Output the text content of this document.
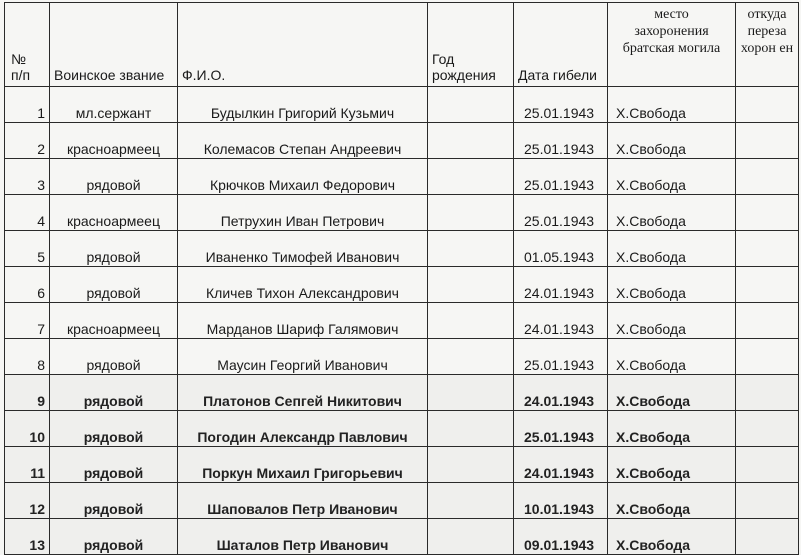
№
п/п	Воинское звание	Ф.И.О.	Год рождения	Дата гибели	место захоронения братская могила	откуда переза хорон ен
1	мл.сержант	Будылкин Григорий Кузьмич		25.01.1943	Х.Свобода	
2	красноармеец	Колемасов Степан Андреевич		25.01.1943	Х.Свобода	
3	рядовой	Крючков Михаил Федорович		25.01.1943	Х.Свобода	
4	красноармеец	Петрухин Иван Петрович		25.01.1943	Х.Свобода	
5	рядовой	Иваненко Тимофей Иванович		01.05.1943	Х.Свобода	
6	рядовой	Кличев Тихон Александрович		24.01.1943	Х.Свобода	
7	красноармеец	Марданов Шариф Галямович		24.01.1943	Х.Свобода	
8	рядовой	Маусин Георгий Иванович		25.01.1943	Х.Свобода	
9	рядовой	Платонов Сепгей Никитович		24.01.1943	Х.Свобода	
10	рядовой	Погодин Александр Павлович		25.01.1943	Х.Свобода	
11	рядовой	Поркун Михаил Григорьевич		24.01.1943	Х.Свобода	
12	рядовой	Шаповалов Петр Иванович		10.01.1943	Х.Свобода	
13	рядовой	Шаталов Петр Иванович		09.01.1943	Х.Свобода	
